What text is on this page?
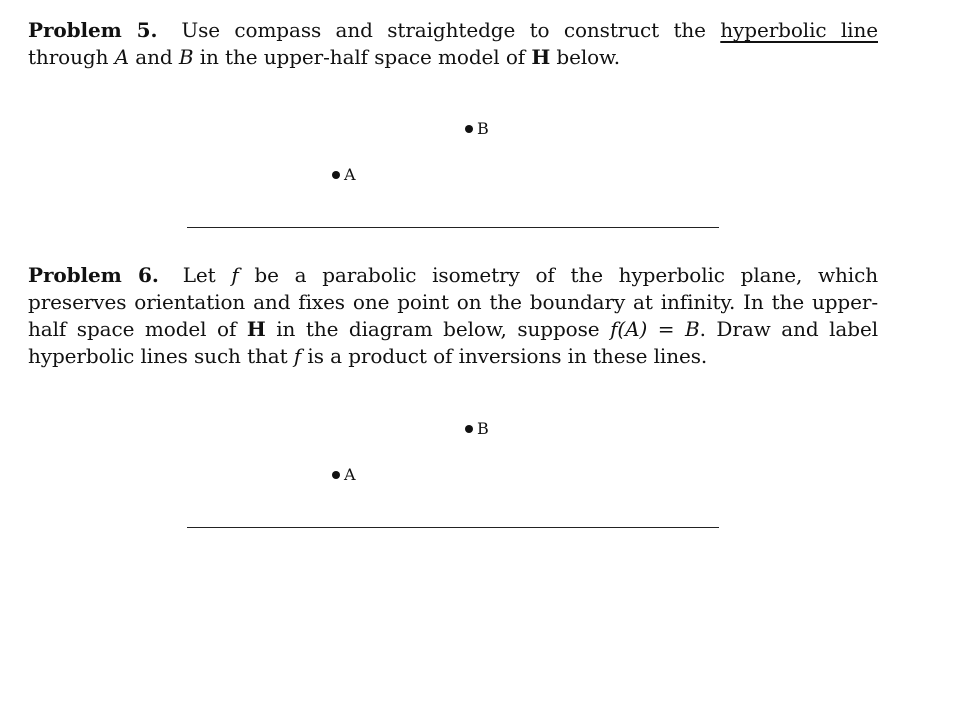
Problem 5. Use compass and straightedge to construct the hyperbolic line through A and B in the upper-half space model of H below.
B
A
Problem 6. Let f be a parabolic isometry of the hyperbolic plane, which preserves orientation and fixes one point on the boundary at infinity. In the upper-half space model of H in the diagram below, suppose f(A) = B. Draw and label hyperbolic lines such that f is a product of inversions in these lines.
B
A
